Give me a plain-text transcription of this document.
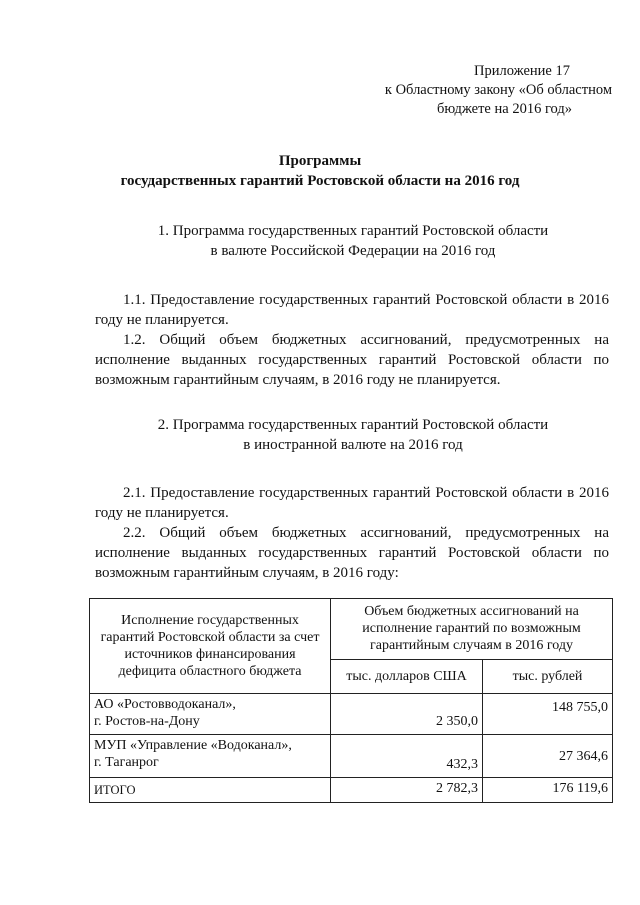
Приложение 17
к Областному закону «Об областном
бюджете на 2016 год»
Программы
государственных гарантий Ростовской области на 2016 год
1. Программа государственных гарантий Ростовской области
в валюте Российской Федерации на 2016 год
1.1. Предоставление государственных гарантий Ростовской области в 2016 году не планируется.
1.2. Общий объем бюджетных ассигнований, предусмотренных на исполнение выданных государственных гарантий Ростовской области по возможным гарантийным случаям, в 2016 году не планируется.
2. Программа государственных гарантий Ростовской области
в иностранной валюте на 2016 год
2.1. Предоставление государственных гарантий Ростовской области в 2016 году не планируется.
2.2. Общий объем бюджетных ассигнований, предусмотренных на исполнение выданных государственных гарантий Ростовской области по возможным гарантийным случаям, в 2016 году:
Исполнение государственных гарантий Ростовской области за счет источников финансирования дефицита областного бюджета	Объем бюджетных ассигнований на исполнение гарантий по возможным гарантийным случаям в 2016 году	
	тыс. долларов США	тыс. рублей

АО «Ростовводоканал»,
г. Ростов-на-Дону	2 350,0	148 755,0

МУП «Управление «Водоканал»,
г. Таганрог	432,3	27 364,6
ИТОГО	2 782,3	176 119,6
